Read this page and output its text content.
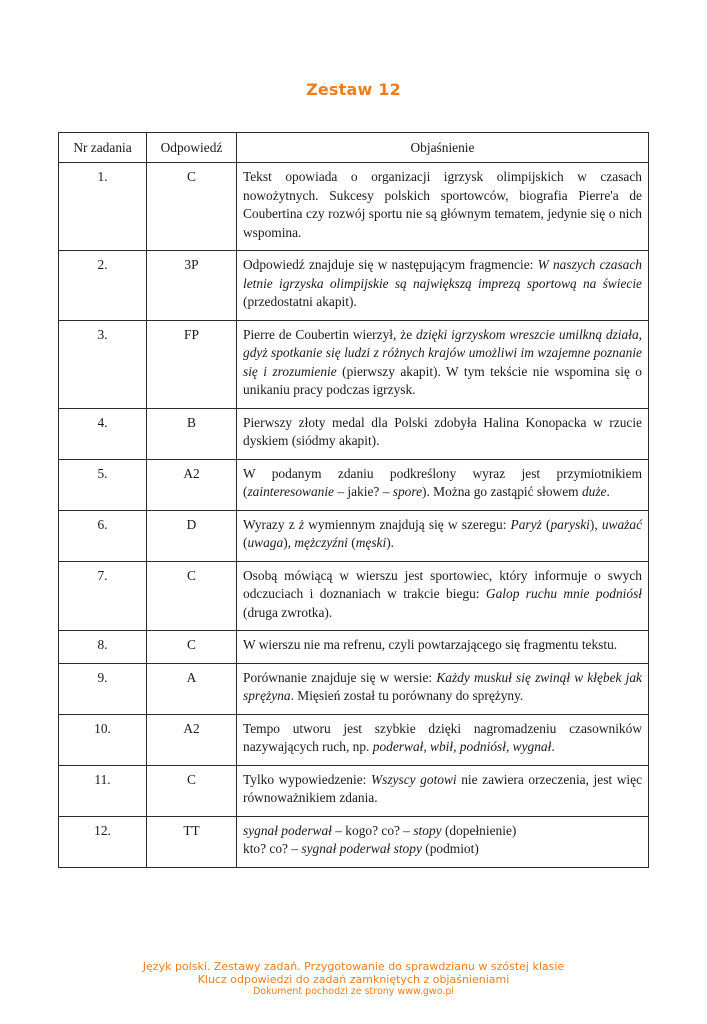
Zestaw 12
Nr zadania	Odpowiedź	Objaśnienie
1.	C	Tekst opowiada o organizacji igrzysk olimpijskich w czasach nowożytnych. Sukcesy polskich sportowców, biografia Pierre'a de Coubertina czy rozwój sportu nie są głównym tematem, jedynie się o nich wspomina.
2.	3P	Odpowiedź znajduje się w następującym fragmencie: W naszych czasach letnie igrzyska olimpijskie są największą imprezą sportową na świecie (przedostatni akapit).
3.	FP	Pierre de Coubertin wierzył, że dzięki igrzyskom wreszcie umilkną działa, gdyż spotkanie się ludzi z różnych krajów umożliwi im wzajemne poznanie się i zrozumienie (pierwszy akapit). W tym tekście nie wspomina się o unikaniu pracy podczas igrzysk.
4.	B	Pierwszy złoty medal dla Polski zdobyła Halina Konopacka w rzucie dyskiem (siódmy akapit).
5.	A2	W podanym zdaniu podkreślony wyraz jest przymiotnikiem (zainteresowanie – jakie? – spore). Można go zastąpić słowem duże.
6.	D	Wyrazy z ż wymiennym znajdują się w szeregu: Paryż (paryski), uważać (uwaga), mężczyźni (męski).
7.	C	Osobą mówiącą w wierszu jest sportowiec, który informuje o swych odczuciach i doznaniach w trakcie biegu: Galop ruchu mnie podniósł (druga zwrotka).
8.	C	W wierszu nie ma refrenu, czyli powtarzającego się fragmentu tekstu.
9.	A	Porównanie znajduje się w wersie: Każdy muskuł się zwinął w kłębek jak sprężyna. Mięsień został tu porównany do sprężyny.
10.	A2	Tempo utworu jest szybkie dzięki nagromadzeniu czasowników nazywających ruch, np. poderwał, wbił, podniósł, wygnał.
11.	C	Tylko wypowiedzenie: Wszyscy gotowi nie zawiera orzeczenia, jest więc równoważnikiem zdania.
12.	TT	sygnał poderwał – kogo? co? – stopy (dopełnienie)
kto? co? – sygnał poderwał stopy (podmiot)
Język polski. Zestawy zadań. Przygotowanie do sprawdzianu w szóstej klasie
Klucz odpowiedzi do zadań zamkniętych z objaśnieniami
Dokument pochodzi ze strony www.gwo.pl
